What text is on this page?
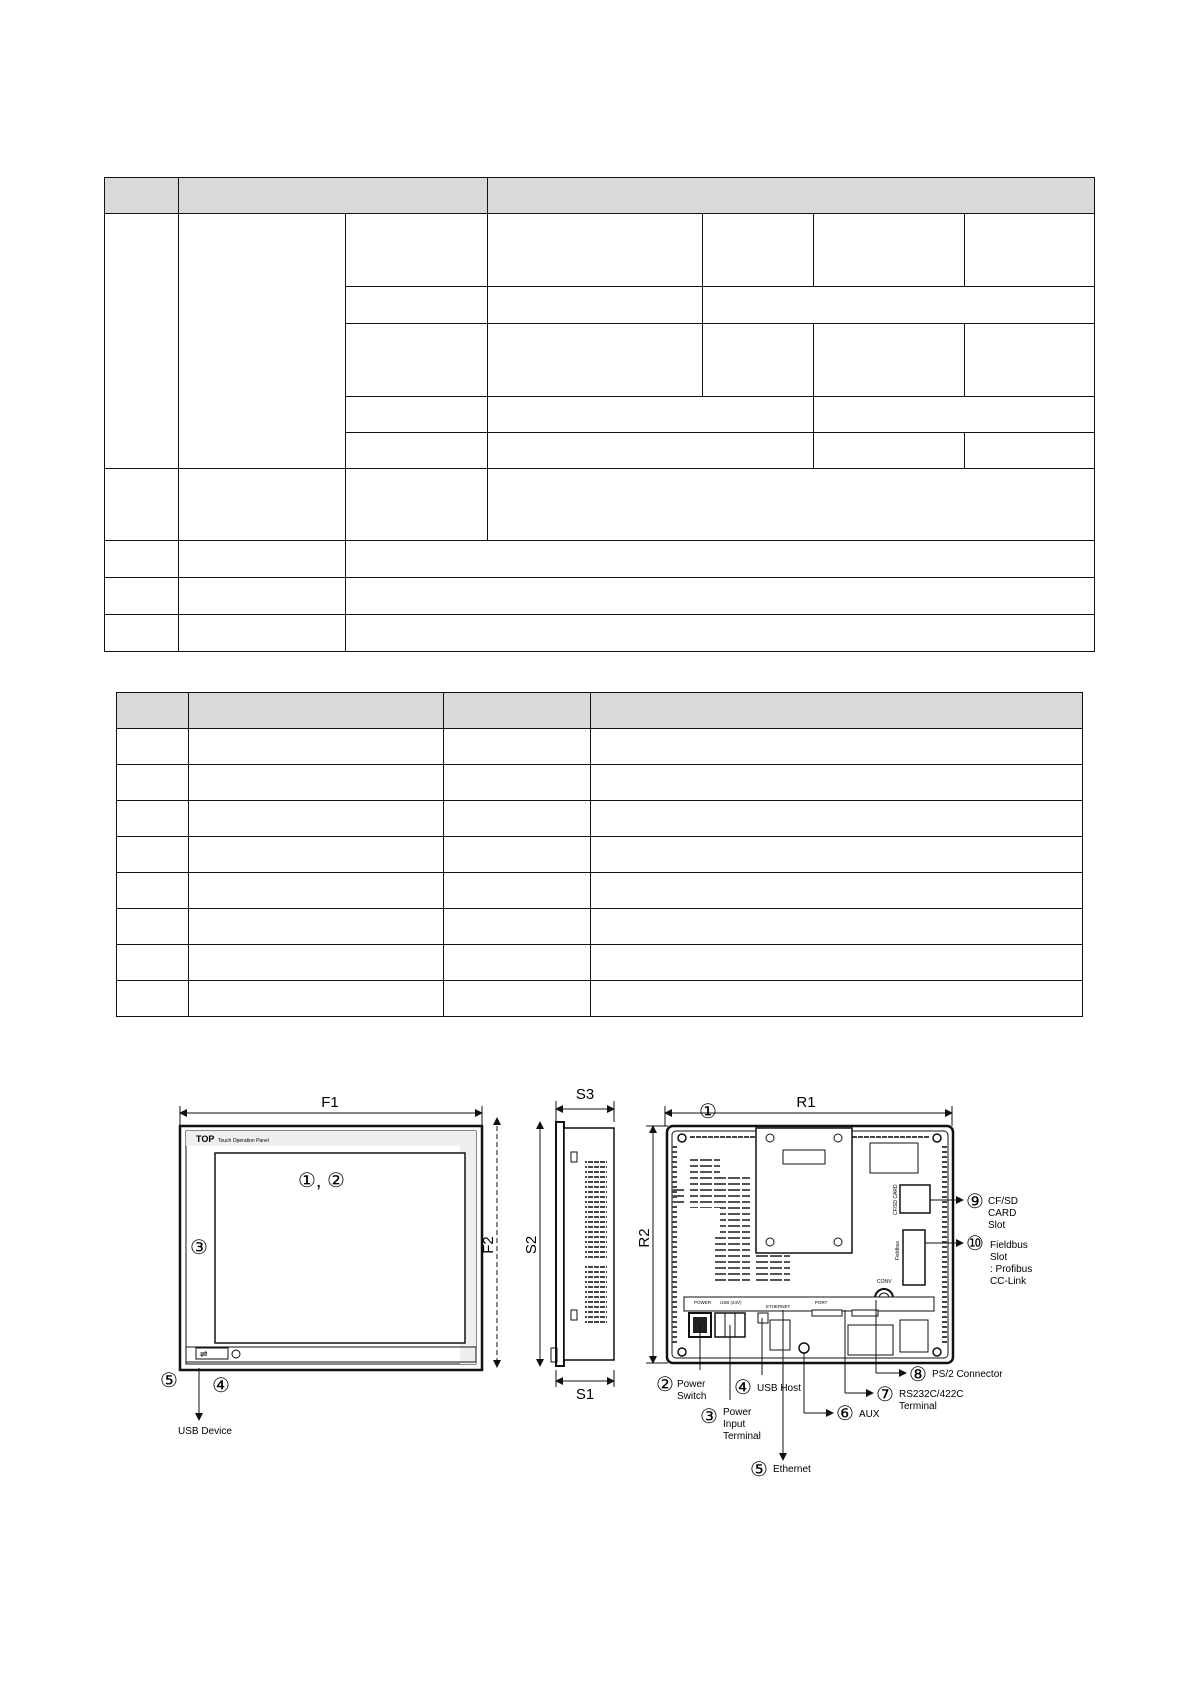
F1
F2
TOP Touch Operation Panel
⇌
①, ②
③
⑤ ④
USB Device
S3
S2
S1
R1
①
R2
CF/SD CARD
Fieldbus
CONV
POWER USB (24V)
ETHERNET
PORT
② Power
Switch
③ Power
Input
Terminal
④ USB Host
⑤ Ethernet
⑥ AUX
⑦ RS232C/422C
Terminal
⑧ PS/2 Connector
⑨ CF/SD
CARD
Slot
⑩ Fieldbus
Slot
: Profibus
CC-Link
